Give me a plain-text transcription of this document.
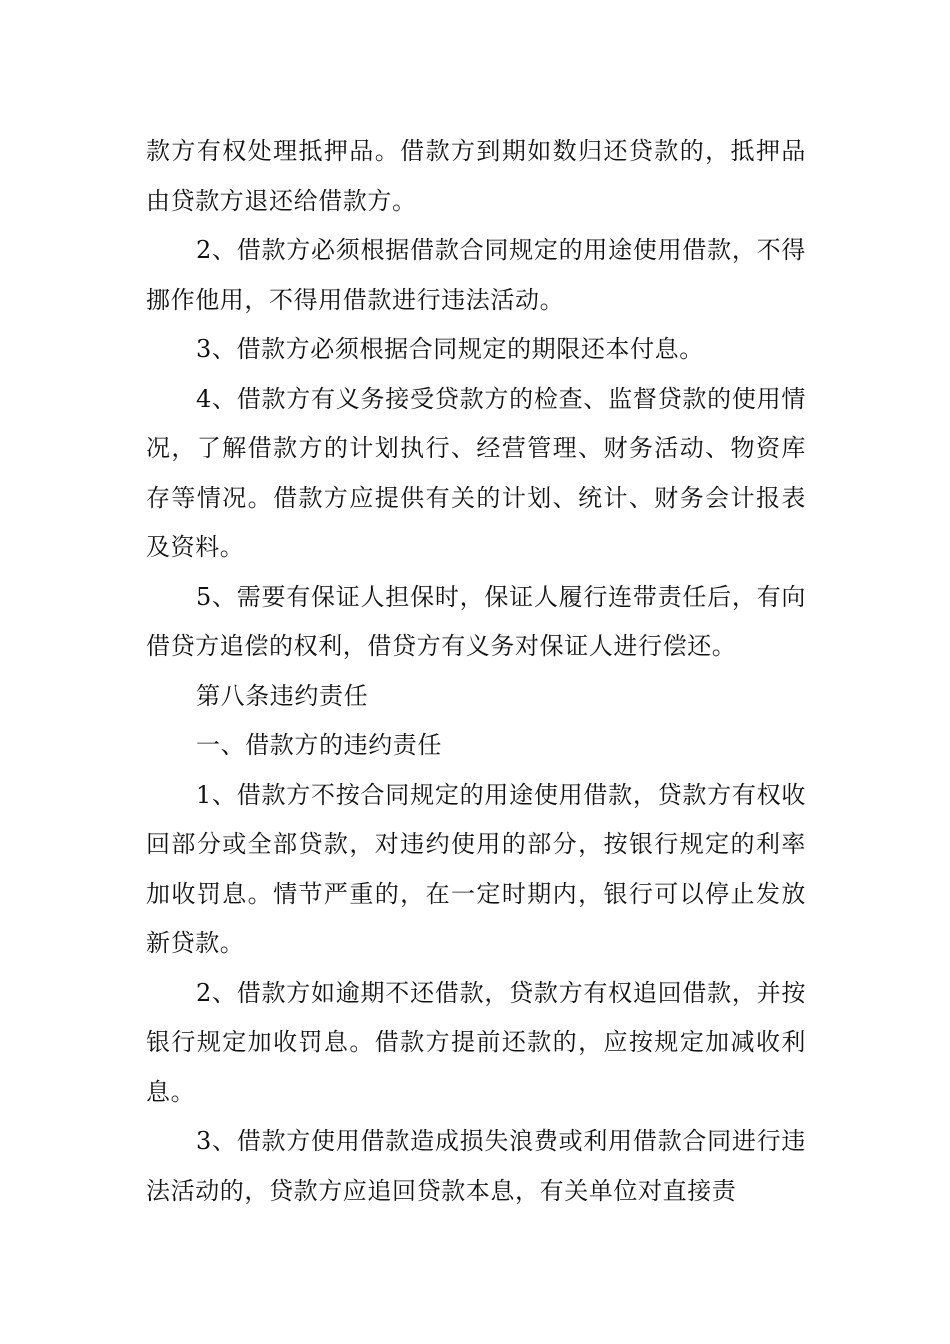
款方有权处理抵押品。借款方到期如数归还贷款的，抵押品由贷款方退还给借款方。

2、借款方必须根据借款合同规定的用途使用借款，不得挪作他用，不得用借款进行违法活动。

3、借款方必须根据合同规定的期限还本付息。

4、借款方有义务接受贷款方的检查、监督贷款的使用情况，了解借款方的计划执行、经营管理、财务活动、物资库存等情况。借款方应提供有关的计划、统计、财务会计报表及资料。

5、需要有保证人担保时，保证人履行连带责任后，有向借贷方追偿的权利，借贷方有义务对保证人进行偿还。

第八条违约责任

一、借款方的违约责任

1、借款方不按合同规定的用途使用借款，贷款方有权收回部分或全部贷款，对违约使用的部分，按银行规定的利率加收罚息。情节严重的，在一定时期内，银行可以停止发放新贷款。

2、借款方如逾期不还借款，贷款方有权追回借款，并按银行规定加收罚息。借款方提前还款的，应按规定加减收利息。

3、借款方使用借款造成损失浪费或利用借款合同进行违法活动的，贷款方应追回贷款本息，有关单位对直接责
